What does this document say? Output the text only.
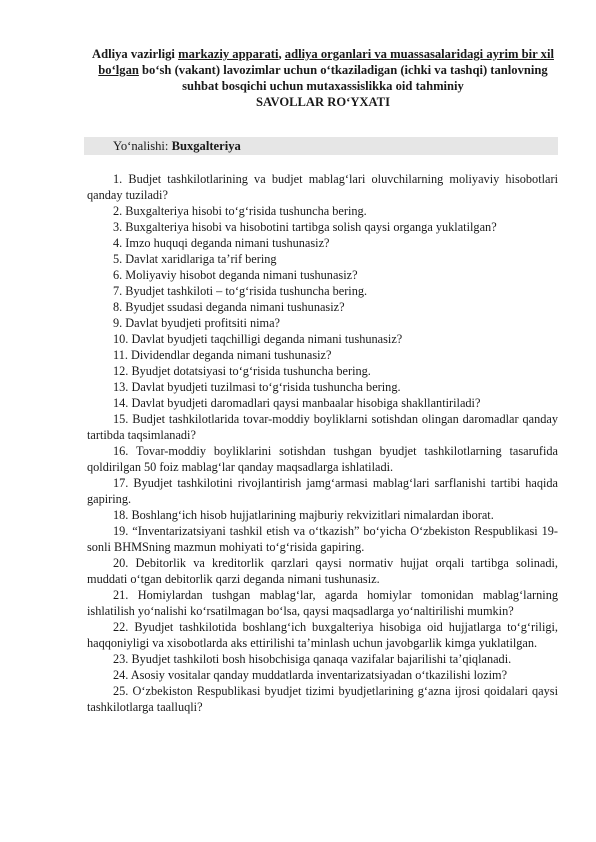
Adliya vazirligi markaziy apparati, adliya organlari va muassasalaridagi ayrim bir xil bo‘lgan bo‘sh (vakant) lavozimlar uchun o‘tkaziladigan (ichki va tashqi) tanlovning suhbat bosqichi uchun mutaxassislikka oid tahminiy
SAVOLLAR RO‘YXATI
Yo‘nalishi: Buxgalteriya
1. Budjet tashkilotlarining va budjet mablag‘lari oluvchilarning moliyaviy hisobotlari qanday tuziladi?
2. Buxgalteriya hisobi to‘g‘risida tushuncha bering.
3. Buxgalteriya hisobi va hisobotini tartibga solish qaysi organga yuklatilgan?
4. Imzo huquqi deganda nimani tushunasiz?
5. Davlat xaridlariga ta’rif bering
6. Moliyaviy hisobot deganda nimani tushunasiz?
7. Byudjet tashkiloti – to‘g‘risida tushuncha bering.
8. Byudjet ssudasi deganda nimani tushunasiz?
9. Davlat byudjeti profitsiti nima?
10. Davlat byudjeti taqchilligi deganda nimani tushunasiz?
11. Dividendlar deganda nimani tushunasiz?
12. Byudjet dotatsiyasi to‘g‘risida tushuncha bering.
13. Davlat byudjeti tuzilmasi to‘g‘risida tushuncha bering.
14. Davlat byudjeti daromadlari qaysi manbaalar hisobiga shakllantiriladi?
15. Budjet tashkilotlarida tovar-moddiy boyliklarni sotishdan olingan daromadlar qanday tartibda taqsimlanadi?
16. Tovar-moddiy boyliklarini sotishdan tushgan byudjet tashkilotlarning tasarufida qoldirilgan 50 foiz mablag‘lar qanday maqsadlarga ishlatiladi.
17. Byudjet tashkilotini rivojlantirish jamg‘armasi mablag‘lari sarflanishi tartibi haqida gapiring.
18. Boshlang‘ich hisob hujjatlarining majburiy rekvizitlari nimalardan iborat.
19. “Inventarizatsiyani tashkil etish va o‘tkazish” bo‘yicha O‘zbekiston Respublikasi 19-sonli BHMSning mazmun mohiyati to‘g‘risida gapiring.
20. Debitorlik va kreditorlik qarzlari qaysi normativ hujjat orqali tartibga solinadi, muddati o‘tgan debitorlik qarzi deganda nimani tushunasiz.
21. Homiylardan tushgan mablag‘lar, agarda homiylar tomonidan mablag‘larning ishlatilish yo‘nalishi ko‘rsatilmagan bo‘lsa, qaysi maqsadlarga yo‘naltirilishi mumkin?
22. Byudjet tashkilotida boshlang‘ich buxgalteriya hisobiga oid hujjatlarga to‘g‘riligi, haqqoniyligi va xisobotlarda aks ettirilishi ta’minlash uchun javobgarlik kimga yuklatilgan.
23. Byudjet tashkiloti bosh hisobchisiga qanaqa vazifalar bajarilishi ta’qiqlanadi.
24. Asosiy vositalar qanday muddatlarda inventarizatsiyadan o‘tkazilishi lozim?
25. O‘zbekiston Respublikasi byudjet tizimi byudjetlarining g‘azna ijrosi qoidalari qaysi tashkilotlarga taalluqli?
